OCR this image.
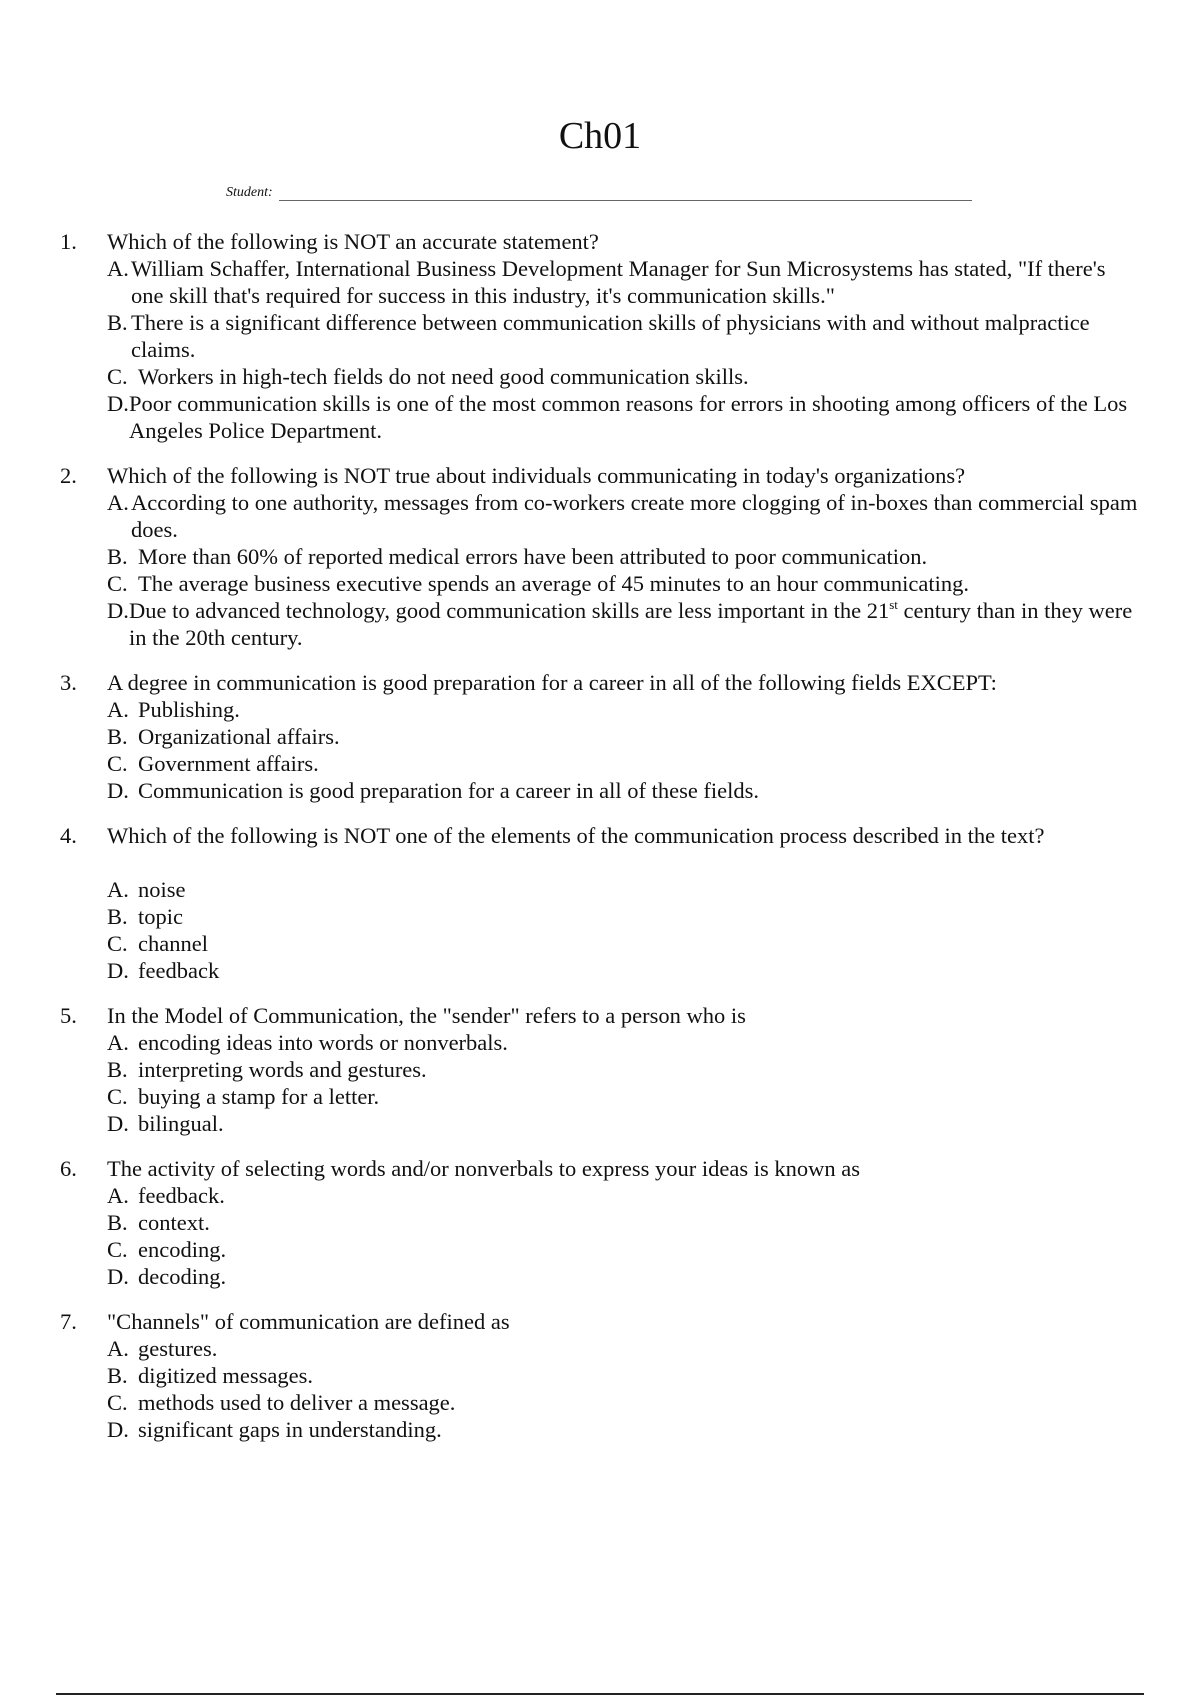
Ch01
Student:
1.	Which of the following is NOT an accurate statement?
A. William Schaffer, International Business Development Manager for Sun Microsystems has stated, "If there's one skill that's required for success in this industry, it's communication skills."
B. There is a significant difference between communication skills of physicians with and without malpractice claims.
C. Workers in high-tech fields do not need good communication skills.
D. Poor communication skills is one of the most common reasons for errors in shooting among officers of the Los Angeles Police Department.
2.	Which of the following is NOT true about individuals communicating in today's organizations?
A. According to one authority, messages from co-workers create more clogging of in-boxes than commercial spam does.
B. More than 60% of reported medical errors have been attributed to poor communication.
C. The average business executive spends an average of 45 minutes to an hour communicating.
D. Due to advanced technology, good communication skills are less important in the 21st century than in they were in the 20th century.
3.	A degree in communication is good preparation for a career in all of the following fields EXCEPT:
A. Publishing.
B. Organizational affairs.
C. Government affairs.
D. Communication is good preparation for a career in all of these fields.
4.	Which of the following is NOT one of the elements of the communication process described in the text?
A. noise
B. topic
C. channel
D. feedback
5.	In the Model of Communication, the "sender" refers to a person who is
A. encoding ideas into words or nonverbals.
B. interpreting words and gestures.
C. buying a stamp for a letter.
D. bilingual.
6.	The activity of selecting words and/or nonverbals to express your ideas is known as
A. feedback.
B. context.
C. encoding.
D. decoding.
7.	"Channels" of communication are defined as
A. gestures.
B. digitized messages.
C. methods used to deliver a message.
D. significant gaps in understanding.
